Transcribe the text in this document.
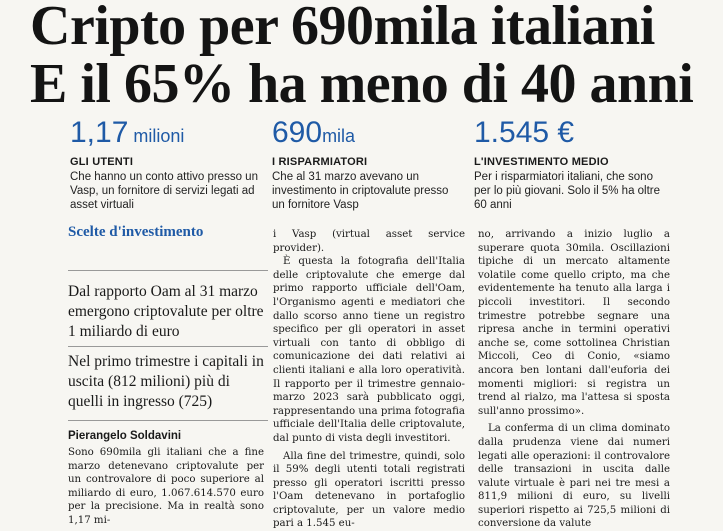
Cripto per 690mila italiani
E il 65% ha meno di 40 anni
1,17 milioni
GLI UTENTI
Che hanno un conto attivo presso un Vasp, un fornitore di servizi legati ad asset virtuali
690mila
I RISPARMIATORI
Che al 31 marzo avevano un investimento in criptovalute presso un fornitore Vasp
1.545 €
L'INVESTIMENTO MEDIO
Per i risparmiatori italiani, che sono per lo più giovani. Solo il 5% ha oltre 60 anni
Scelte d'investimento
Dal rapporto Oam al 31 marzo emergono criptovalute per oltre 1 miliardo di euro
Nel primo trimestre i capitali in uscita (812 milioni) più di quelli in ingresso (725)
Pierangelo Soldavini

Sono 690mila gli italiani che a fine marzo detenevano criptovalute per un controvalore di poco superiore al miliardo di euro, 1.067.614.570 euro per la precisione. Ma in realtà sono 1,17 mi-

i Vasp (virtual asset service provider).

È questa la fotografia dell'Italia delle criptovalute che emerge dal primo rapporto ufficiale dell'Oam, l'Organismo agenti e mediatori che dallo scorso anno tiene un registro specifico per gli operatori in asset virtuali con tanto di obbligo di comunicazione dei dati relativi ai clienti italiani e alla loro operatività. Il rapporto per il trimestre gennaio-marzo 2023 sarà pubblicato oggi, rappresentando una prima fotografia ufficiale dell'Italia delle criptovalute, dal punto di vista degli investitori.

Alla fine del trimestre, quindi, solo il 59% degli utenti totali registrati presso gli operatori iscritti presso l'Oam detenevano in portafoglio criptovalute, per un valore medio pari a 1.545 eu-

no, arrivando a inizio luglio a superare quota 30mila. Oscillazioni tipiche di un mercato altamente volatile come quello cripto, ma che evidentemente ha tenuto alla larga i piccoli investitori. Il secondo trimestre potrebbe segnare una ripresa anche in termini operativi anche se, come sottolinea Christian Miccoli, Ceo di Conio, «siamo ancora ben lontani dall'euforia dei momenti migliori: si registra un trend al rialzo, ma l'attesa si sposta sull'anno prossimo».

La conferma di un clima dominato dalla prudenza viene dai numeri legati alle operazioni: il controvalore delle transazioni in uscita dalle valute virtuale è pari nei tre mesi a 811,9 milioni di euro, su livelli superiori rispetto ai 725,5 milioni di conversione da valute
